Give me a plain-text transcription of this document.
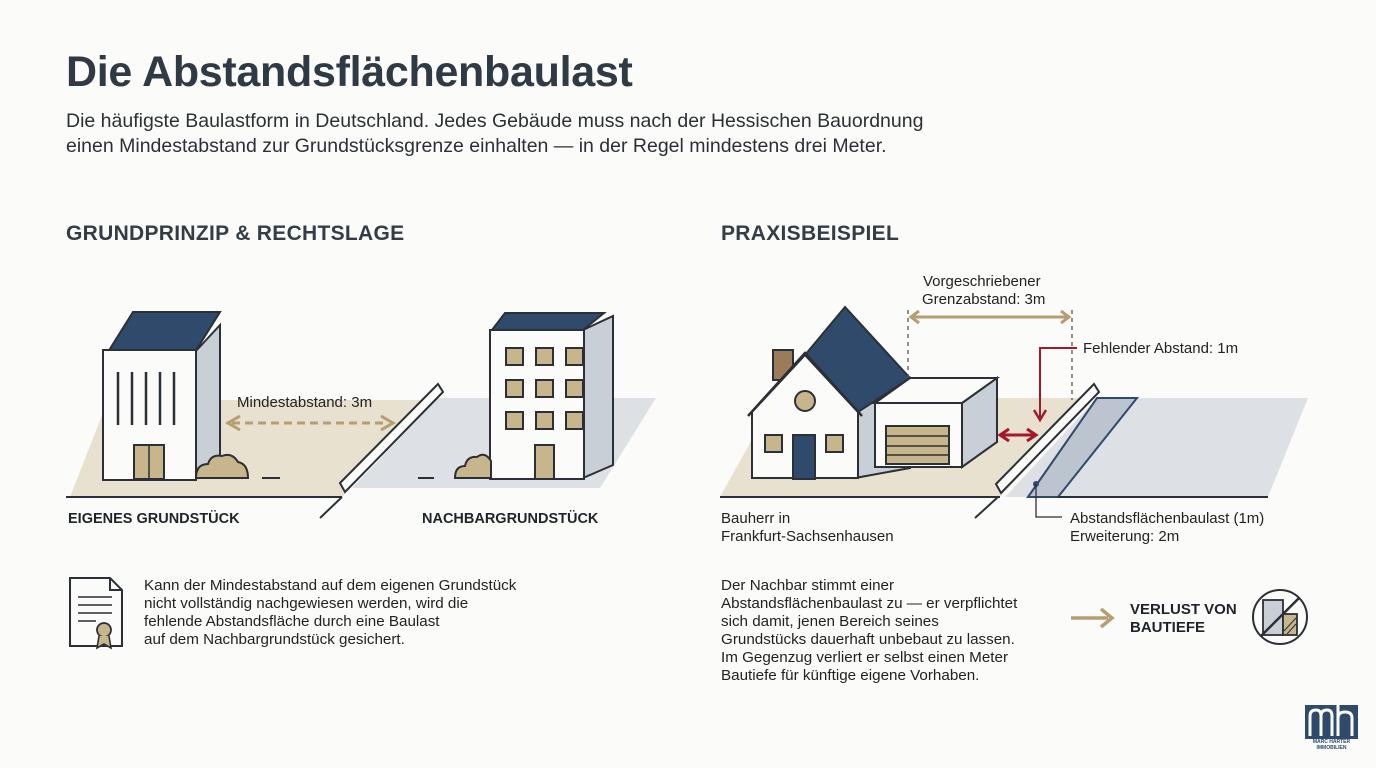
Die Abstandsflächenbaulast
Die häufigste Baulastform in Deutschland. Jedes Gebäude muss nach der Hessischen Bauordnung
einen Mindestabstand zur Grundstücksgrenze einhalten — in der Regel mindestens drei Meter.
GRUNDPRINZIP & RECHTSLAGE	PRAXISBEISPIEL
Mindestabstand: 3m
EIGENES GRUNDSTÜCK	NACHBARGRUNDSTÜCK
Kann der Mindestabstand auf dem eigenen Grundstück
nicht vollständig nachgewiesen werden, wird die
fehlende Abstandsfläche durch eine Baulast
auf dem Nachbargrundstück gesichert.
Vorgeschriebener
Grenzabstand: 3m
Fehlender Abstand: 1m
Bauherr in
Frankfurt-Sachsenhausen
Abstandsflächenbaulast (1m)
Erweiterung: 2m
Der Nachbar stimmt einer
Abstandsflächenbaulast zu — er verpflichtet
sich damit, jenen Bereich seines
Grundstücks dauerhaft unbebaut zu lassen.
Im Gegenzug verliert er selbst einen Meter
Bautiefe für künftige eigene Vorhaben.
VERLUST VON
BAUTIEFE
MARC HARTER
IMMOBILIEN
